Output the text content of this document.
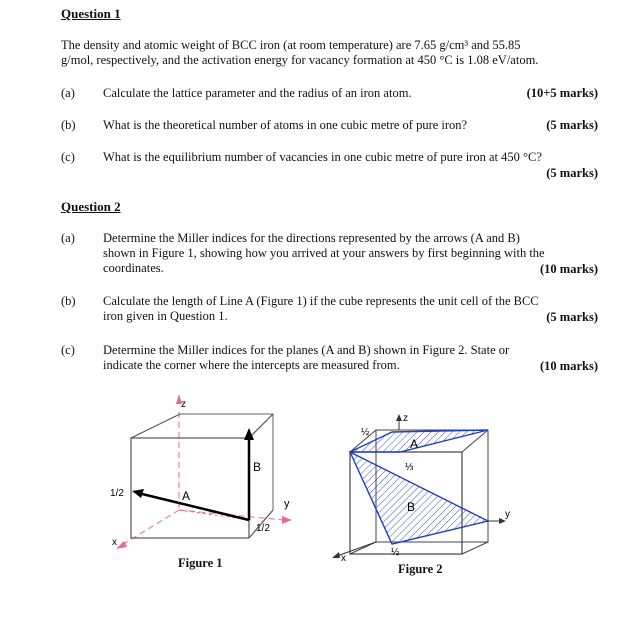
Question 1
The density and atomic weight of BCC iron (at room temperature) are 7.65 g/cm³ and 55.85
g/mol, respectively, and the activation energy for vacancy formation at 450 °C is 1.08 eV/atom.
(a) Calculate the lattice parameter and the radius of an iron atom.	(10+5 marks)
(b) What is the theoretical number of atoms in one cubic metre of pure iron?	(5 marks)
(c) What is the equilibrium number of vacancies in one cubic metre of pure iron at 450 °C?
(5 marks)
Question 2
(a) Determine the Miller indices for the directions represented by the arrows (A and B)
shown in Figure 1, showing how you arrived at your answers by first beginning with the
coordinates.	(10 marks)
(b) Calculate the length of Line A (Figure 1) if the cube represents the unit cell of the BCC
iron given in Question 1.	(5 marks)
(c) Determine the Miller indices for the planes (A and B) shown in Figure 2. State or
indicate the corner where the intercepts are measured from.	(10 marks)
z
y
x
1/2
1/2
A
B
z
y
x
½
⅓
½
A
B
Figure 1	Figure 2
